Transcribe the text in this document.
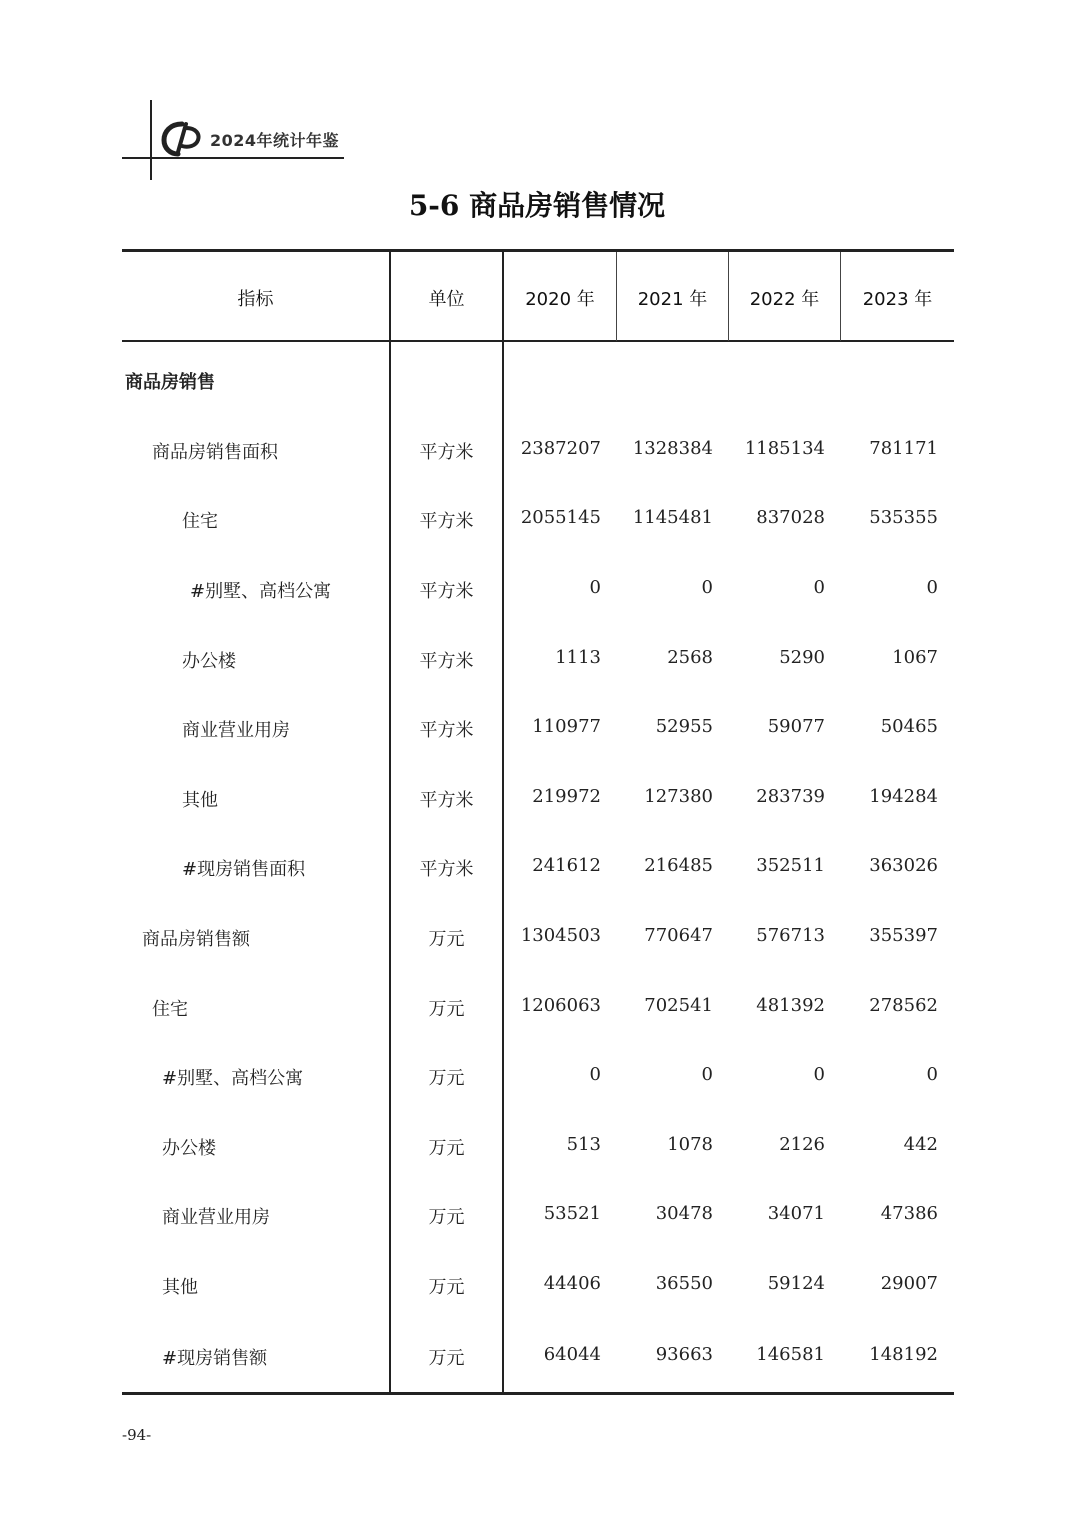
2024年统计年鉴
5-6 商品房销售情况
指标	单位	2020 年	2021 年	2022 年	2023 年
商品房销售
商品房销售面积	平方米	2387207	1328384	1185134	781171
住宅	平方米	2055145	1145481	837028	535355
#别墅、高档公寓	平方米	0	0	0	0
办公楼	平方米	1113	2568	5290	1067
商业营业用房	平方米	110977	52955	59077	50465
其他	平方米	219972	127380	283739	194284
#现房销售面积	平方米	241612	216485	352511	363026
商品房销售额	万元	1304503	770647	576713	355397
住宅	万元	1206063	702541	481392	278562
#别墅、高档公寓	万元	0	0	0	0
办公楼	万元	513	1078	2126	442
商业营业用房	万元	53521	30478	34071	47386
其他	万元	44406	36550	59124	29007
#现房销售额	万元	64044	93663	146581	148192
-94-
